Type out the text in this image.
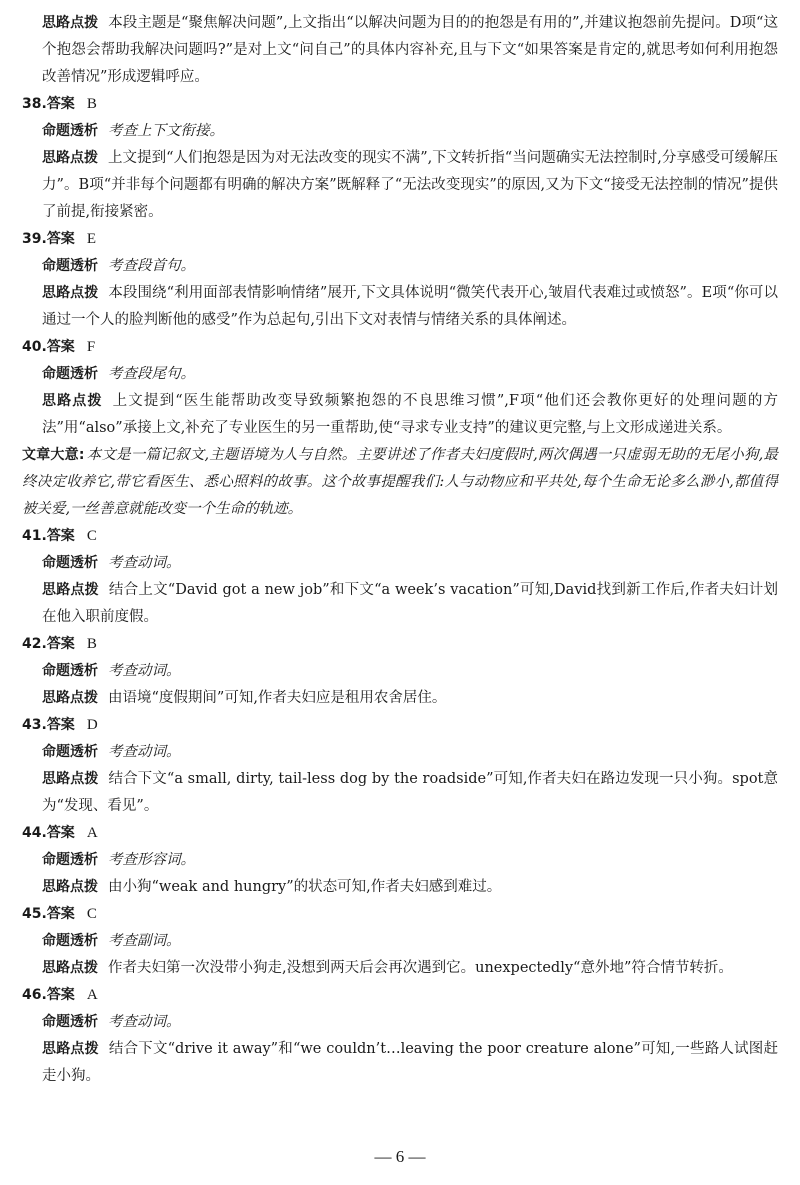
思路点拨 本段主题是“聚焦解决问题”,上文指出“以解决问题为目的的抱怨是有用的”,并建议抱怨前先提问。D项“这个抱怨会帮助我解决问题吗?”是对上文“问自己”的具体内容补充,且与下文“如果答案是肯定的,就思考如何利用抱怨改善情况”形成逻辑呼应。

38.答案 B

命题透析 考查上下文衔接。

思路点拨 上文提到“人们抱怨是因为对无法改变的现实不满”,下文转折指“当问题确实无法控制时,分享感受可缓解压力”。B项“并非每个问题都有明确的解决方案”既解释了“无法改变现实”的原因,又为下文“接受无法控制的情况”提供了前提,衔接紧密。

39.答案 E

命题透析 考查段首句。

思路点拨 本段围绕“利用面部表情影响情绪”展开,下文具体说明“微笑代表开心,皱眉代表难过或愤怒”。E项“你可以通过一个人的脸判断他的感受”作为总起句,引出下文对表情与情绪关系的具体阐述。

40.答案 F

命题透析 考查段尾句。

思路点拨 上文提到“医生能帮助改变导致频繁抱怨的不良思维习惯”,F项“他们还会教你更好的处理问题的方法”用“also”承接上文,补充了专业医生的另一重帮助,使“寻求专业支持”的建议更完整,与上文形成递进关系。

文章大意: 本文是一篇记叙文,主题语境为人与自然。主要讲述了作者夫妇度假时,两次偶遇一只虚弱无助的无尾小狗,最终决定收养它,带它看医生、悉心照料的故事。这个故事提醒我们:人与动物应和平共处,每个生命无论多么渺小,都值得被关爱,一丝善意就能改变一个生命的轨迹。

41.答案 C

命题透析 考查动词。

思路点拨 结合上文“David got a new job”和下文“a week’s vacation”可知,David找到新工作后,作者夫妇计划在他入职前度假。

42.答案 B

命题透析 考查动词。

思路点拨 由语境“度假期间”可知,作者夫妇应是租用农舍居住。

43.答案 D

命题透析 考查动词。

思路点拨 结合下文“a small, dirty, tail-less dog by the roadside”可知,作者夫妇在路边发现一只小狗。spot意为“发现、看见”。

44.答案 A

命题透析 考查形容词。

思路点拨 由小狗“weak and hungry”的状态可知,作者夫妇感到难过。

45.答案 C

命题透析 考查副词。

思路点拨 作者夫妇第一次没带小狗走,没想到两天后会再次遇到它。unexpectedly“意外地”符合情节转折。

46.答案 A

命题透析 考查动词。

思路点拨 结合下文“drive it away”和“we couldn’t…leaving the poor creature alone”可知,一些路人试图赶走小狗。

— 6 —
